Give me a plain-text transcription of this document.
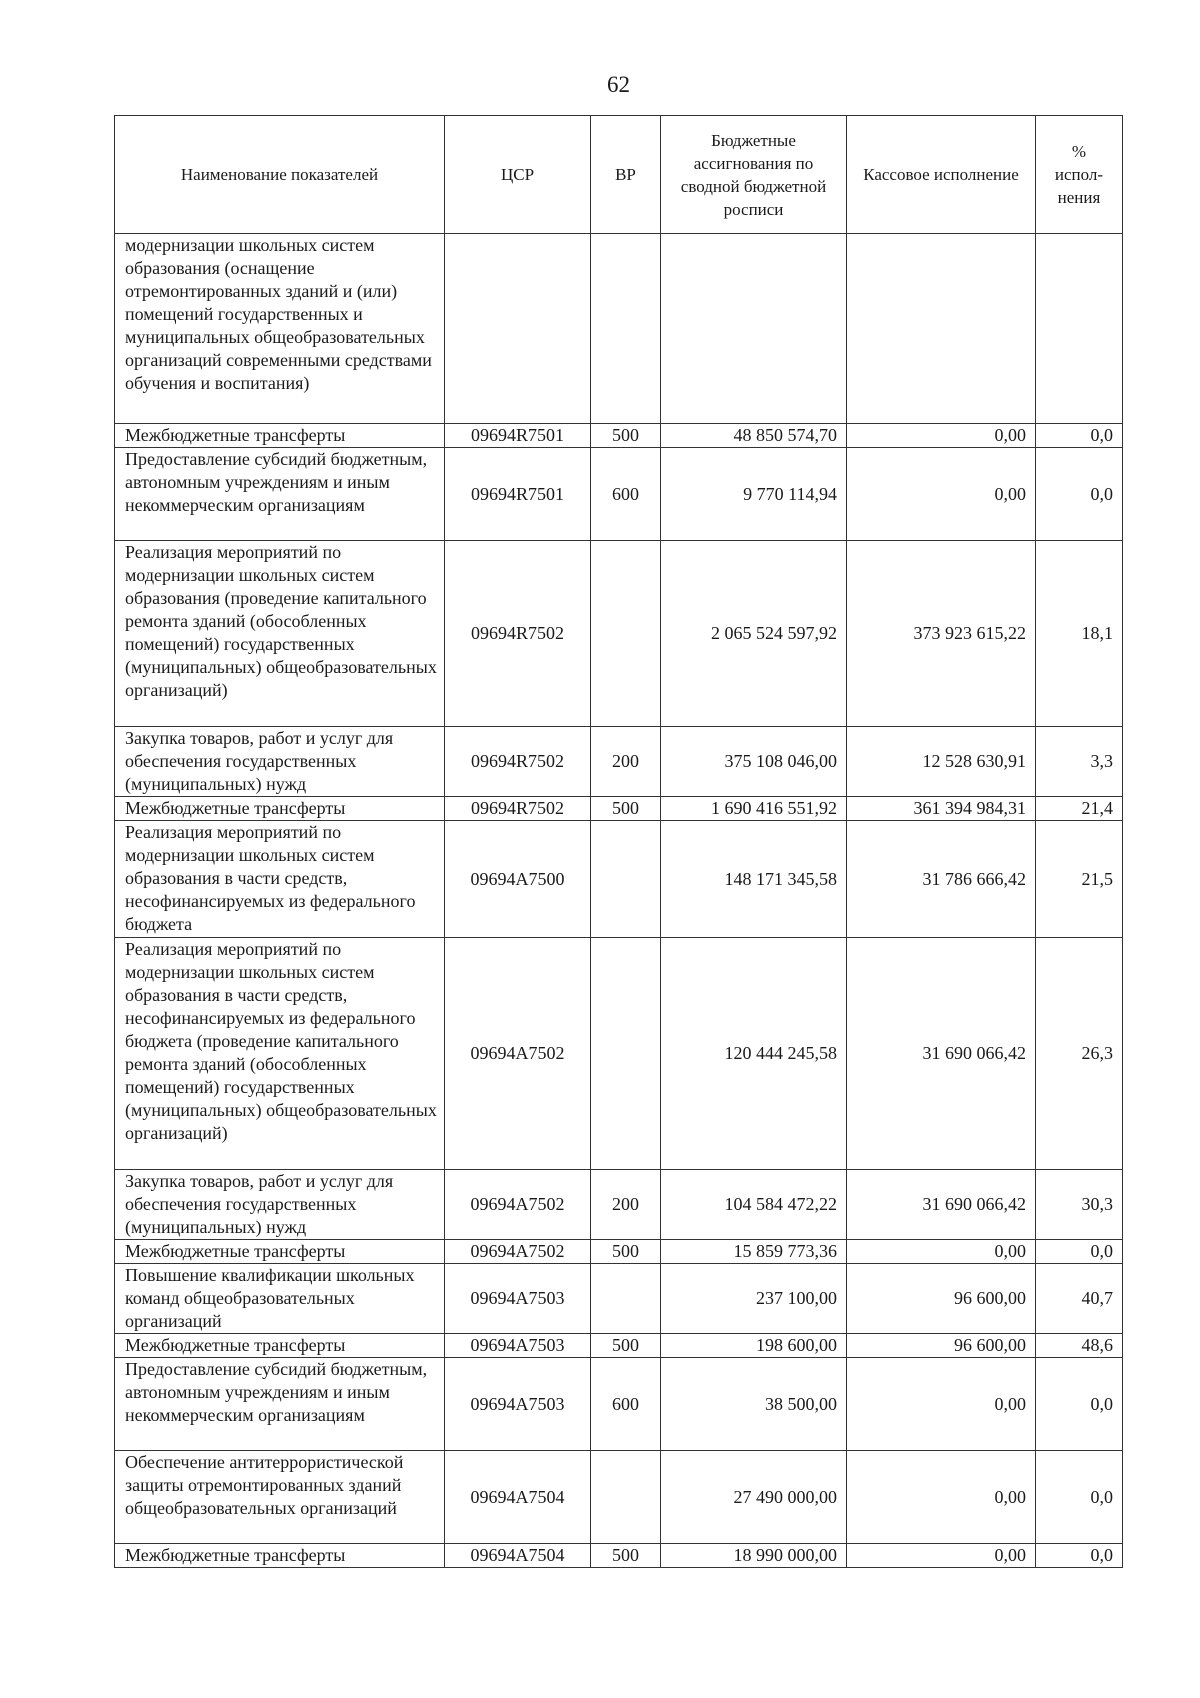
62
Наименование показателей	ЦСР	ВР	Бюджетные ассигнования по сводной бюджетной росписи	Кассовое исполнение	% испол-нения
модернизации школьных систем образования (оснащение отремонтированных зданий и (или) помещений государственных и муниципальных общеобразовательных организаций современными средствами обучения и воспитания)					
Межбюджетные трансферты	09694R7501	500	48 850 574,70	0,00	0,0
Предоставление субсидий бюджетным, автономным учреждениям и иным некоммерческим организациям	09694R7501	600	9 770 114,94	0,00	0,0
Реализация мероприятий по модернизации школьных систем образования (проведение капитального ремонта зданий (обособленных помещений) государственных (муниципальных) общеобразовательных организаций)	09694R7502		2 065 524 597,92	373 923 615,22	18,1
Закупка товаров, работ и услуг для обеспечения государственных (муниципальных) нужд	09694R7502	200	375 108 046,00	12 528 630,91	3,3
Межбюджетные трансферты	09694R7502	500	1 690 416 551,92	361 394 984,31	21,4
Реализация мероприятий по модернизации школьных систем образования в части средств, несофинансируемых из федерального бюджета	09694A7500		148 171 345,58	31 786 666,42	21,5
Реализация мероприятий по модернизации школьных систем образования в части средств, несофинансируемых из федерального бюджета (проведение капитального ремонта зданий (обособленных помещений) государственных (муниципальных) общеобразовательных организаций)	09694A7502		120 444 245,58	31 690 066,42	26,3
Закупка товаров, работ и услуг для обеспечения государственных (муниципальных) нужд	09694A7502	200	104 584 472,22	31 690 066,42	30,3
Межбюджетные трансферты	09694A7502	500	15 859 773,36	0,00	0,0
Повышение квалификации школьных команд общеобразовательных организаций	09694A7503		237 100,00	96 600,00	40,7
Межбюджетные трансферты	09694A7503	500	198 600,00	96 600,00	48,6
Предоставление субсидий бюджетным, автономным учреждениям и иным некоммерческим организациям	09694A7503	600	38 500,00	0,00	0,0
Обеспечение антитеррористической защиты отремонтированных зданий общеобразовательных организаций	09694A7504		27 490 000,00	0,00	0,0
Межбюджетные трансферты	09694A7504	500	18 990 000,00	0,00	0,0
